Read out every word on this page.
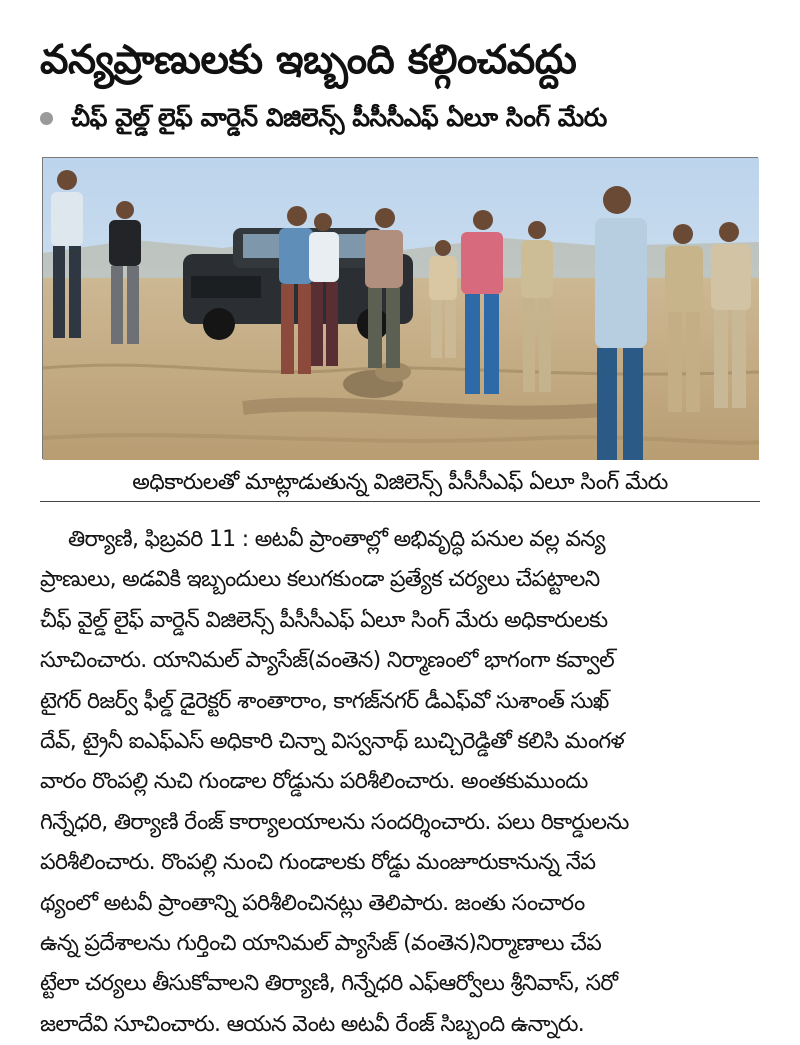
వన్యప్రాణులకు ఇబ్బంది కల్గించవద్దు
చీఫ్ వైల్డ్ లైఫ్ వార్డెన్ విజిలెన్స్ పీసీసీఎఫ్ ఏలూ సింగ్ మేరు
అధికారులతో మాట్లాడుతున్న విజిలెన్స్ పీసీసీఎఫ్ ఏలూ సింగ్ మేరు
తిర్యాణి, ఫిబ్రవరి 11 : అటవీ ప్రాంతాల్లో అభివృద్ధి పనుల వల్ల వన్య
ప్రాణులు, అడవికి ఇబ్బందులు కలుగకుండా ప్రత్యేక చర్యలు చేపట్టాలని
చీఫ్ వైల్డ్ లైఫ్ వార్డెన్ విజిలెన్స్ పీసీసీఎఫ్ ఏలూ సింగ్ మేరు అధికారులకు
సూచించారు. యానిమల్ ప్యాసేజ్(వంతెన) నిర్మాణంలో భాగంగా కవ్వాల్
టైగర్ రిజర్వ్ ఫీల్డ్ డైరెక్టర్ శాంతారాం, కాగజ్‌నగర్ డీఎఫ్‌వో సుశాంత్ సుఖ్
దేవ్, ట్రైనీ ఐఎఫ్ఎస్ అధికారి చిన్నా విస్వనాథ్ బుచ్చిరెడ్డితో కలిసి మంగళ
వారం రొంపల్లి నుచి గుండాల రోడ్డును పరిశీలించారు. అంతకుముందు
గిన్నేధరి, తిర్యాణి రేంజ్ కార్యాలయాలను సందర్శించారు. పలు రికార్డులను
పరిశీలించారు. రొంపల్లి నుంచి గుండాలకు రోడ్డు మంజూరుకానున్న నేప
థ్యంలో అటవీ ప్రాంతాన్ని పరిశీలించినట్లు తెలిపారు. జంతు సంచారం
ఉన్న ప్రదేశాలను గుర్తించి యానిమల్ ప్యాసేజ్ (వంతెన)నిర్మాణాలు చేప
ట్టేలా చర్యలు తీసుకోవాలని తిర్యాణి, గిన్నేధరి ఎఫ్ఆర్వోలు శ్రీనివాస్, సరో
జలాదేవి సూచించారు. ఆయన వెంట అటవీ రేంజ్ సిబ్బంది ఉన్నారు.
